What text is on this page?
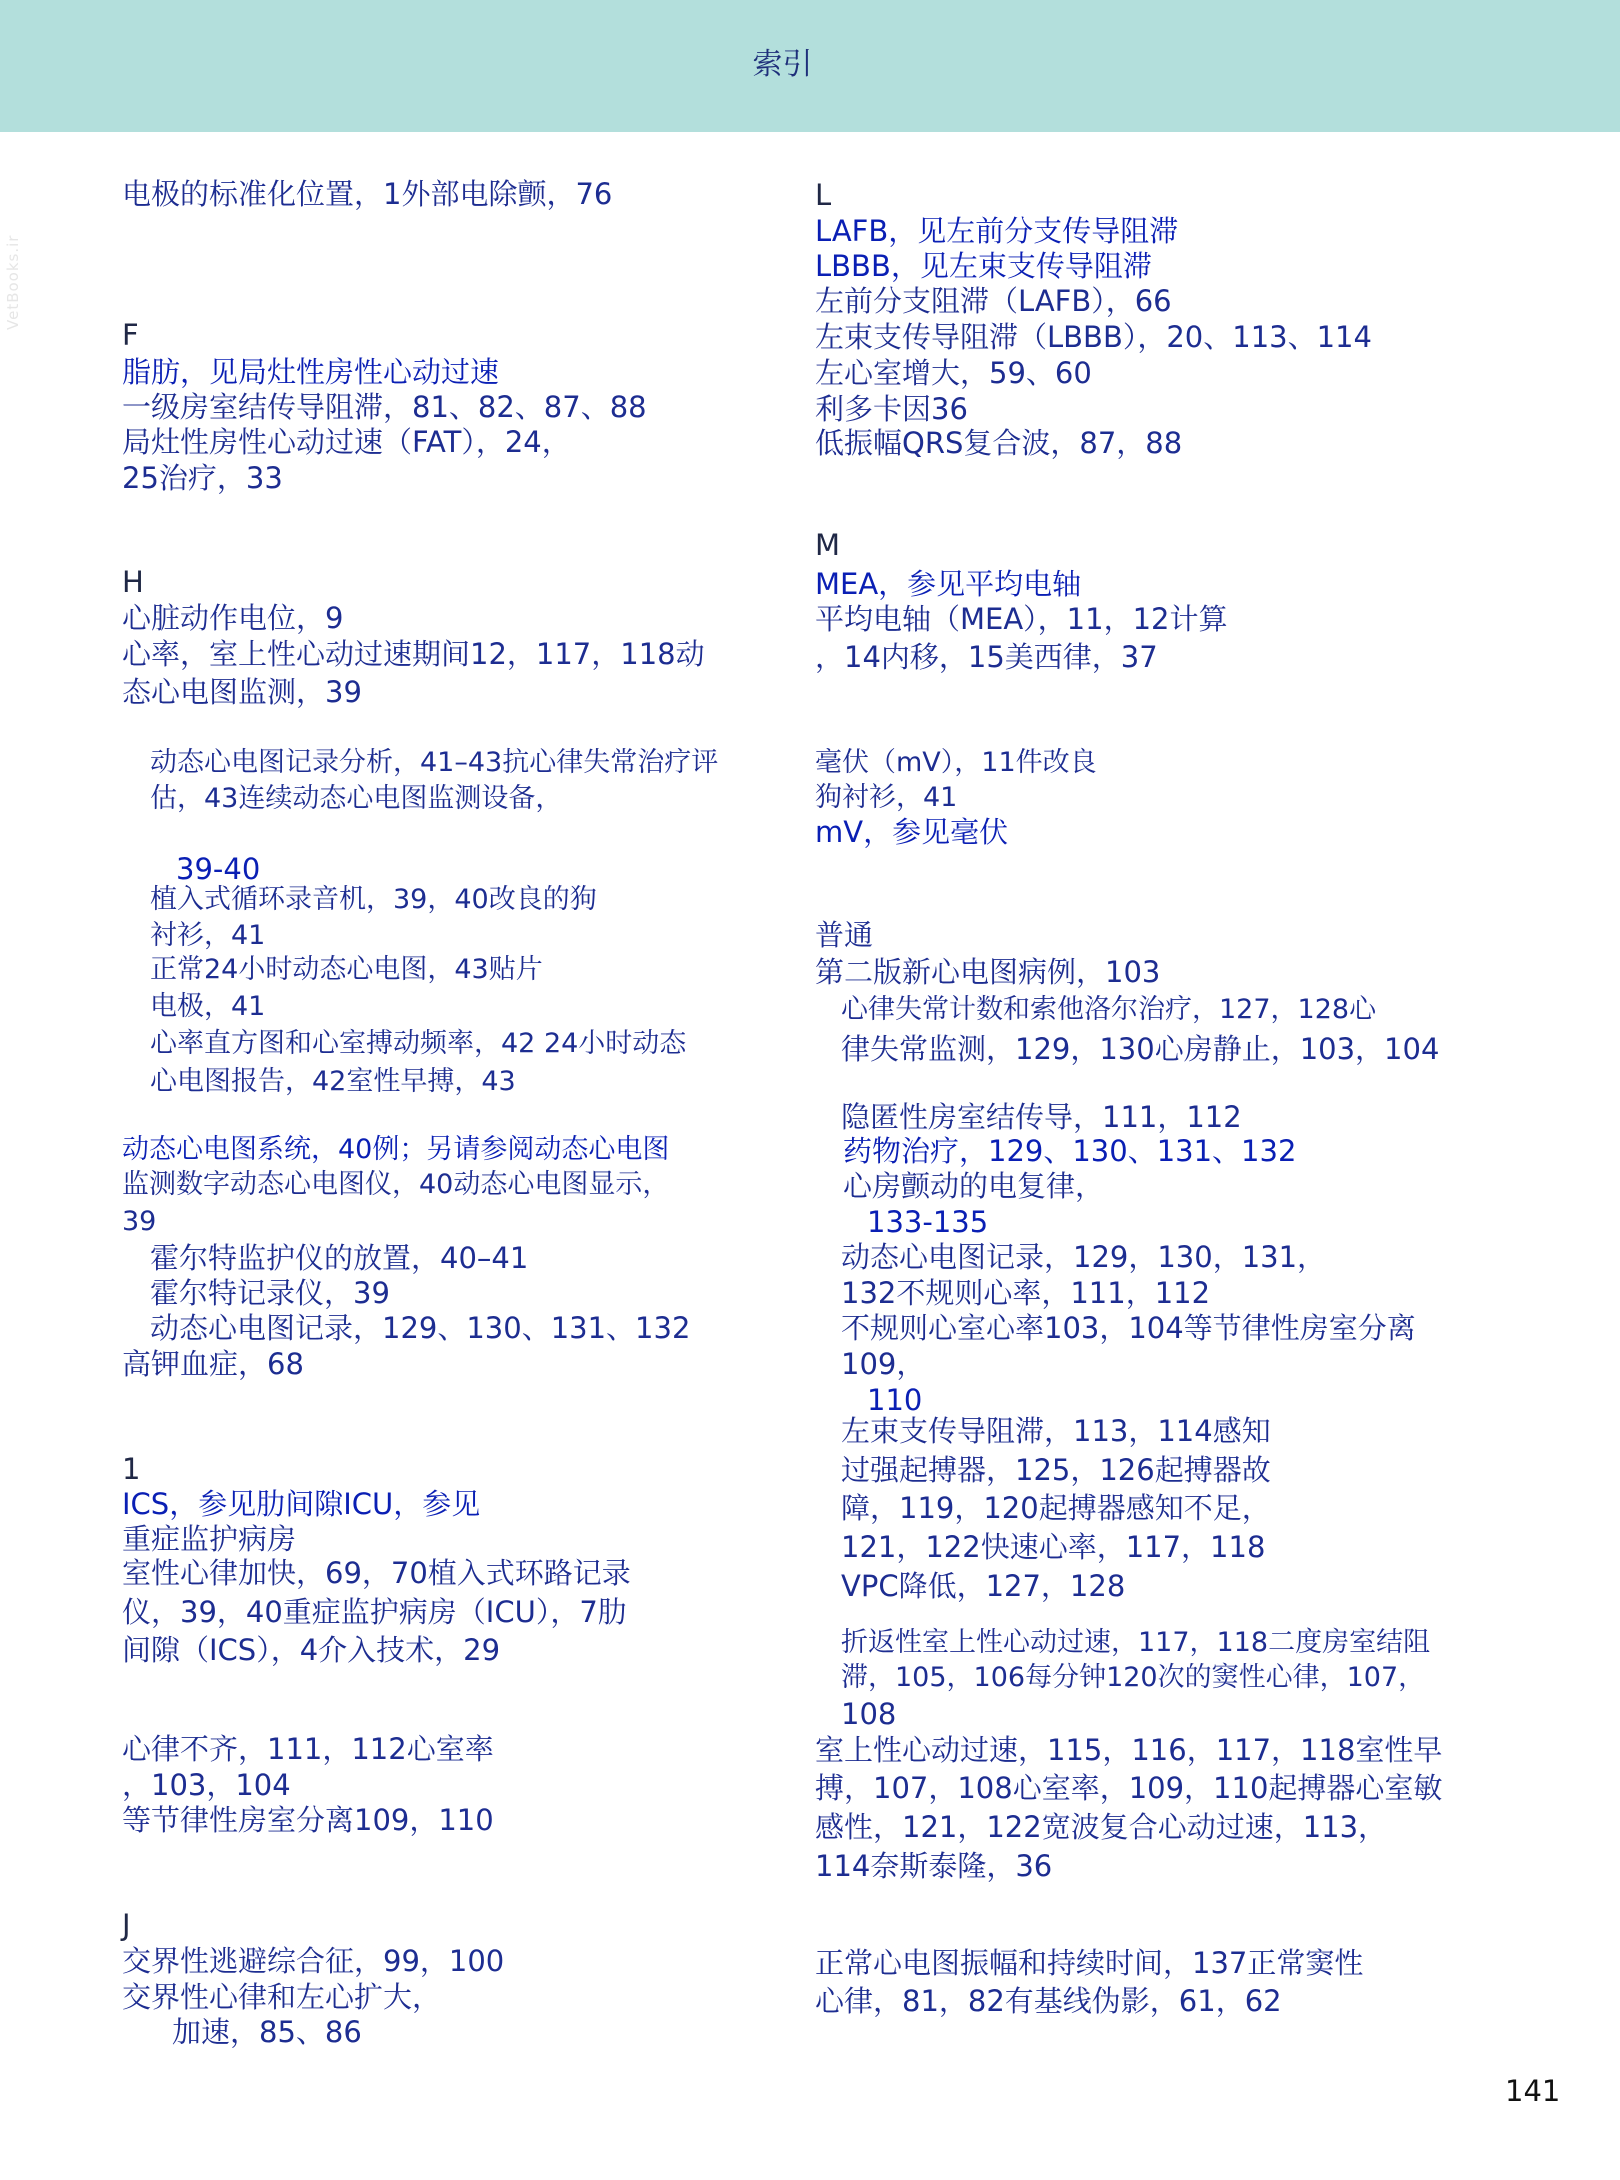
索引
VetBooks.ir
电极的标准化位置，1外部电除颤，76
F
脂肪，见局灶性房性心动过速
一级房室结传导阻滞，81、82、87、88
局灶性房性心动过速（FAT），24，
25治疗，33
H
心脏动作电位，9
心率，室上性心动过速期间12，117，118动
态心电图监测，39
动态心电图记录分析，41–43抗心律失常治疗评
估，43连续动态心电图监测设备，
39-40
植入式循环录音机，39，40改良的狗
衬衫，41
正常24小时动态心电图，43贴片
电极，41
心率直方图和心室搏动频率，42 24小时动态
心电图报告，42室性早搏，43
动态心电图系统，40例；另请参阅动态心电图
监测数字动态心电图仪，40动态心电图显示，
39
霍尔特监护仪的放置，40–41
霍尔特记录仪，39
动态心电图记录，129、130、131、132
高钾血症，68
1
ICS，参见肋间隙ICU，参见
重症监护病房
室性心律加快，69，70植入式环路记录
仪，39，40重症监护病房（ICU），7肋
间隙（ICS），4介入技术，29
心律不齐，111，112心室率
，103，104
等节律性房室分离109，110
J
交界性逃避综合征，99，100
交界性心律和左心扩大，
加速，85、86
L
LAFB，见左前分支传导阻滞
LBBB，见左束支传导阻滞
左前分支阻滞（LAFB），66
左束支传导阻滞（LBBB），20、113、114
左心室增大，59、60
利多卡因36
低振幅QRS复合波，87，88
M
MEA，参见平均电轴
平均电轴（MEA），11，12计算
，14内移，15美西律，37
毫伏（mV），11件改良
狗衬衫，41
mV，参见毫伏
普通
第二版新心电图病例，103
心律失常计数和索他洛尔治疗，127，128心
律失常监测，129，130心房静止，103，104
隐匿性房室结传导，111，112
药物治疗，129、130、131、132
心房颤动的电复律，
133-135
动态心电图记录，129，130，131，
132不规则心率，111，112
不规则心室心率103，104等节律性房室分离
109，
110
左束支传导阻滞，113，114感知
过强起搏器，125，126起搏器故
障，119，120起搏器感知不足，
121，122快速心率，117，118
VPC降低，127，128
折返性室上性心动过速，117，118二度房室结阻
滞，105，106每分钟120次的窦性心律，107，
108
室上性心动过速，115，116，117，118室性早
搏，107，108心室率，109，110起搏器心室敏
感性，121，122宽波复合心动过速，113，
114奈斯泰隆，36
正常心电图振幅和持续时间，137正常窦性
心律，81，82有基线伪影，61，62
141
